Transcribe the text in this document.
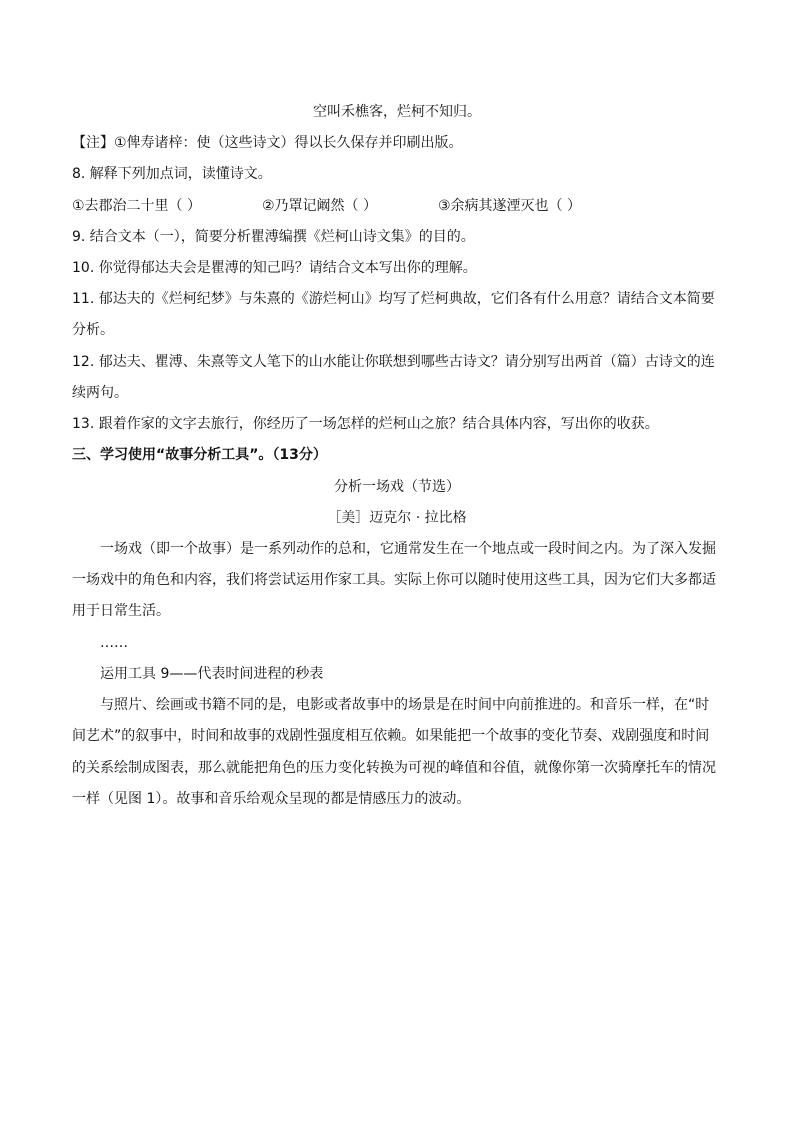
空叫禾樵客，烂柯不知归。
【注】①俾寿诸梓：使（这些诗文）得以长久保存并印刷出版。
8. 解释下列加点词，读懂诗文。
①去郡治二十里（ ）	②乃罩记阚然（ ）	③余病其遂湮灭也（ ）
9. 结合文本（一），简要分析瞿溥编撰《烂柯山诗文集》的目的。
10. 你觉得郁达夫会是瞿溥的知己吗？请结合文本写出你的理解。
11. 郁达夫的《烂柯纪梦》与朱熹的《游烂柯山》均写了烂柯典故，它们各有什么用意？请结合文本简要
分析。
12. 郁达夫、瞿溥、朱熹等文人笔下的山水能让你联想到哪些古诗文？请分别写出两首（篇）古诗文的连
续两句。
13. 跟着作家的文字去旅行，你经历了一场怎样的烂柯山之旅？结合具体内容，写出你的收获。
三、学习使用“故事分析工具”。（13分）
分析一场戏（节选）
［美］迈克尔 · 拉比格
一场戏（即一个故事）是一系列动作的总和，它通常发生在一个地点或一段时间之内。为了深入发掘
一场戏中的角色和内容，我们将尝试运用作家工具。实际上你可以随时使用这些工具，因为它们大多都适
用于日常生活。
……
运用工具 9——代表时间进程的秒表
与照片、绘画或书籍不同的是，电影或者故事中的场景是在时间中向前推进的。和音乐一样，在“时
间艺术”的叙事中，时间和故事的戏剧性强度相互依赖。如果能把一个故事的变化节奏、戏剧强度和时间
的关系绘制成图表，那么就能把角色的压力变化转换为可视的峰值和谷值，就像你第一次骑摩托车的情况
一样（见图 1）。故事和音乐给观众呈现的都是情感压力的波动。
